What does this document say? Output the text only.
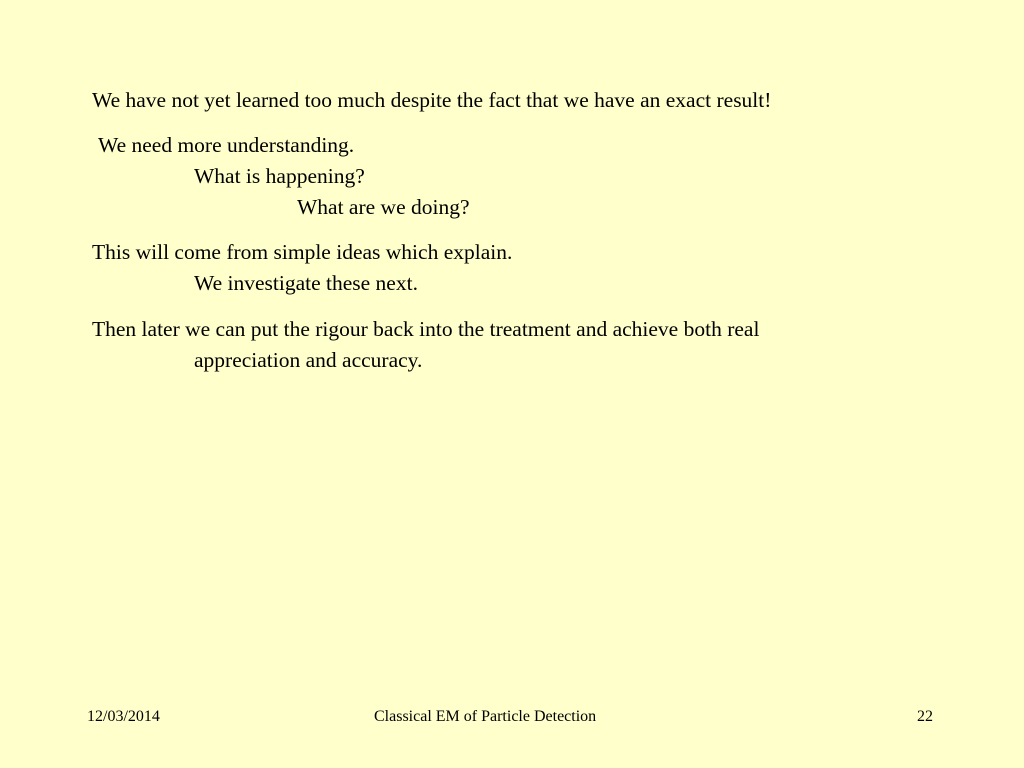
We have not yet learned too much despite the fact that we have an exact result!
We need more understanding.
What is happening?
What are we doing?
This will come from simple ideas which explain.
We investigate these next.
Then later we can put the rigour back into the treatment and achieve both real
appreciation and accuracy.
12/03/2014	Classical EM of Particle Detection	22
